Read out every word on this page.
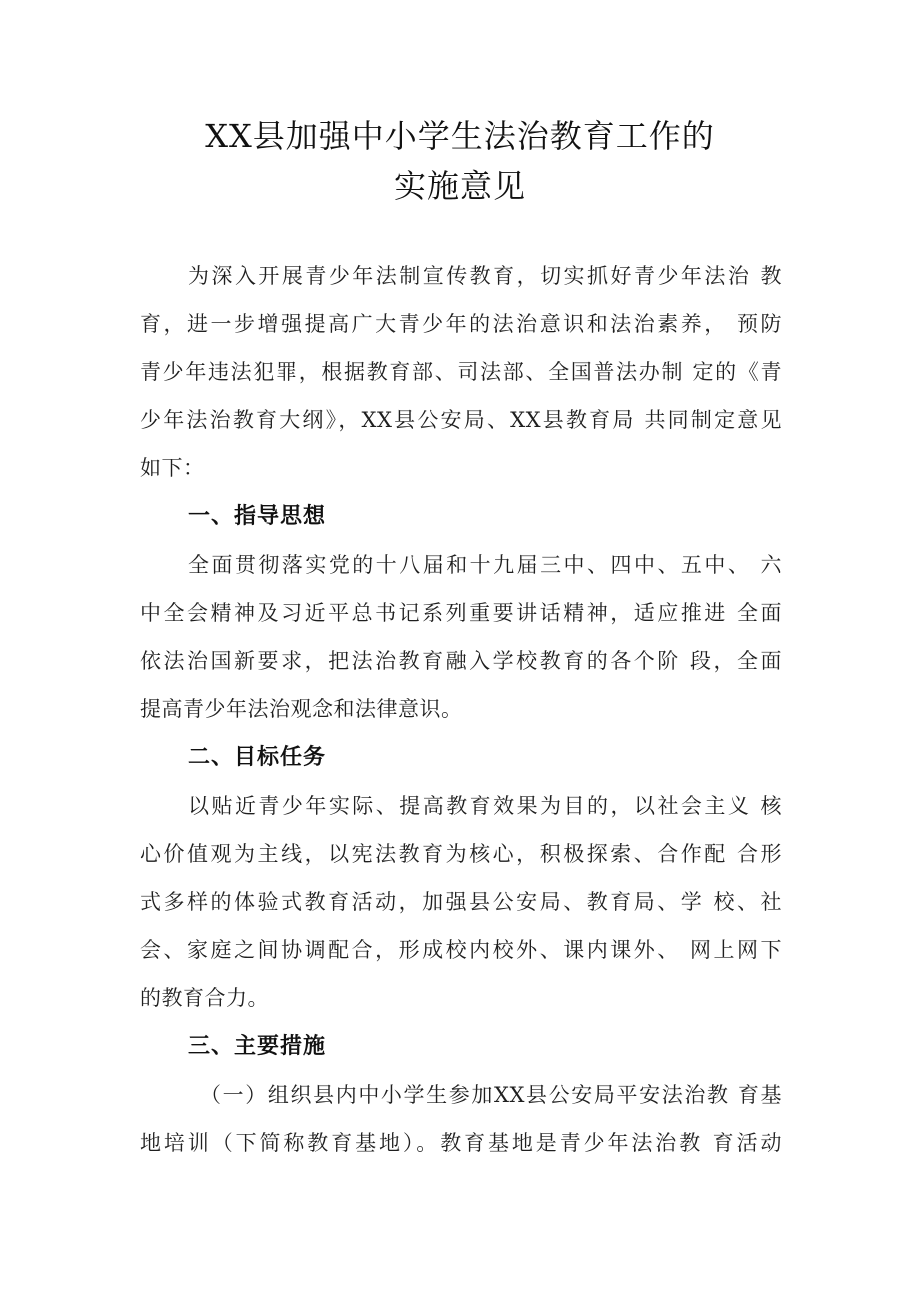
XX县加强中小学生法治教育工作的
实施意见
为深入开展青少年法制宣传教育，切实抓好青少年法治 教
育，进一步增强提高广大青少年的法治意识和法治素养， 预防
青少年违法犯罪，根据教育部、司法部、全国普法办制 定的《青
少年法治教育大纲》，XX县公安局、XX县教育局 共同制定意见
如下：
一、指导思想
全面贯彻落实党的十八届和十九届三中、四中、五中、 六
中全会精神及习近平总书记系列重要讲话精神，适应推进 全面
依法治国新要求，把法治教育融入学校教育的各个阶 段，全面
提高青少年法治观念和法律意识。
二、目标任务
以贴近青少年实际、提高教育效果为目的，以社会主义 核
心价值观为主线，以宪法教育为核心，积极探索、合作配 合形
式多样的体验式教育活动，加强县公安局、教育局、学 校、社
会、家庭之间协调配合，形成校内校外、课内课外、 网上网下
的教育合力。
三、主要措施
（一）组织县内中小学生参加XX县公安局平安法治教 育基
地培训（下简称教育基地）。教育基地是青少年法治教 育活动
